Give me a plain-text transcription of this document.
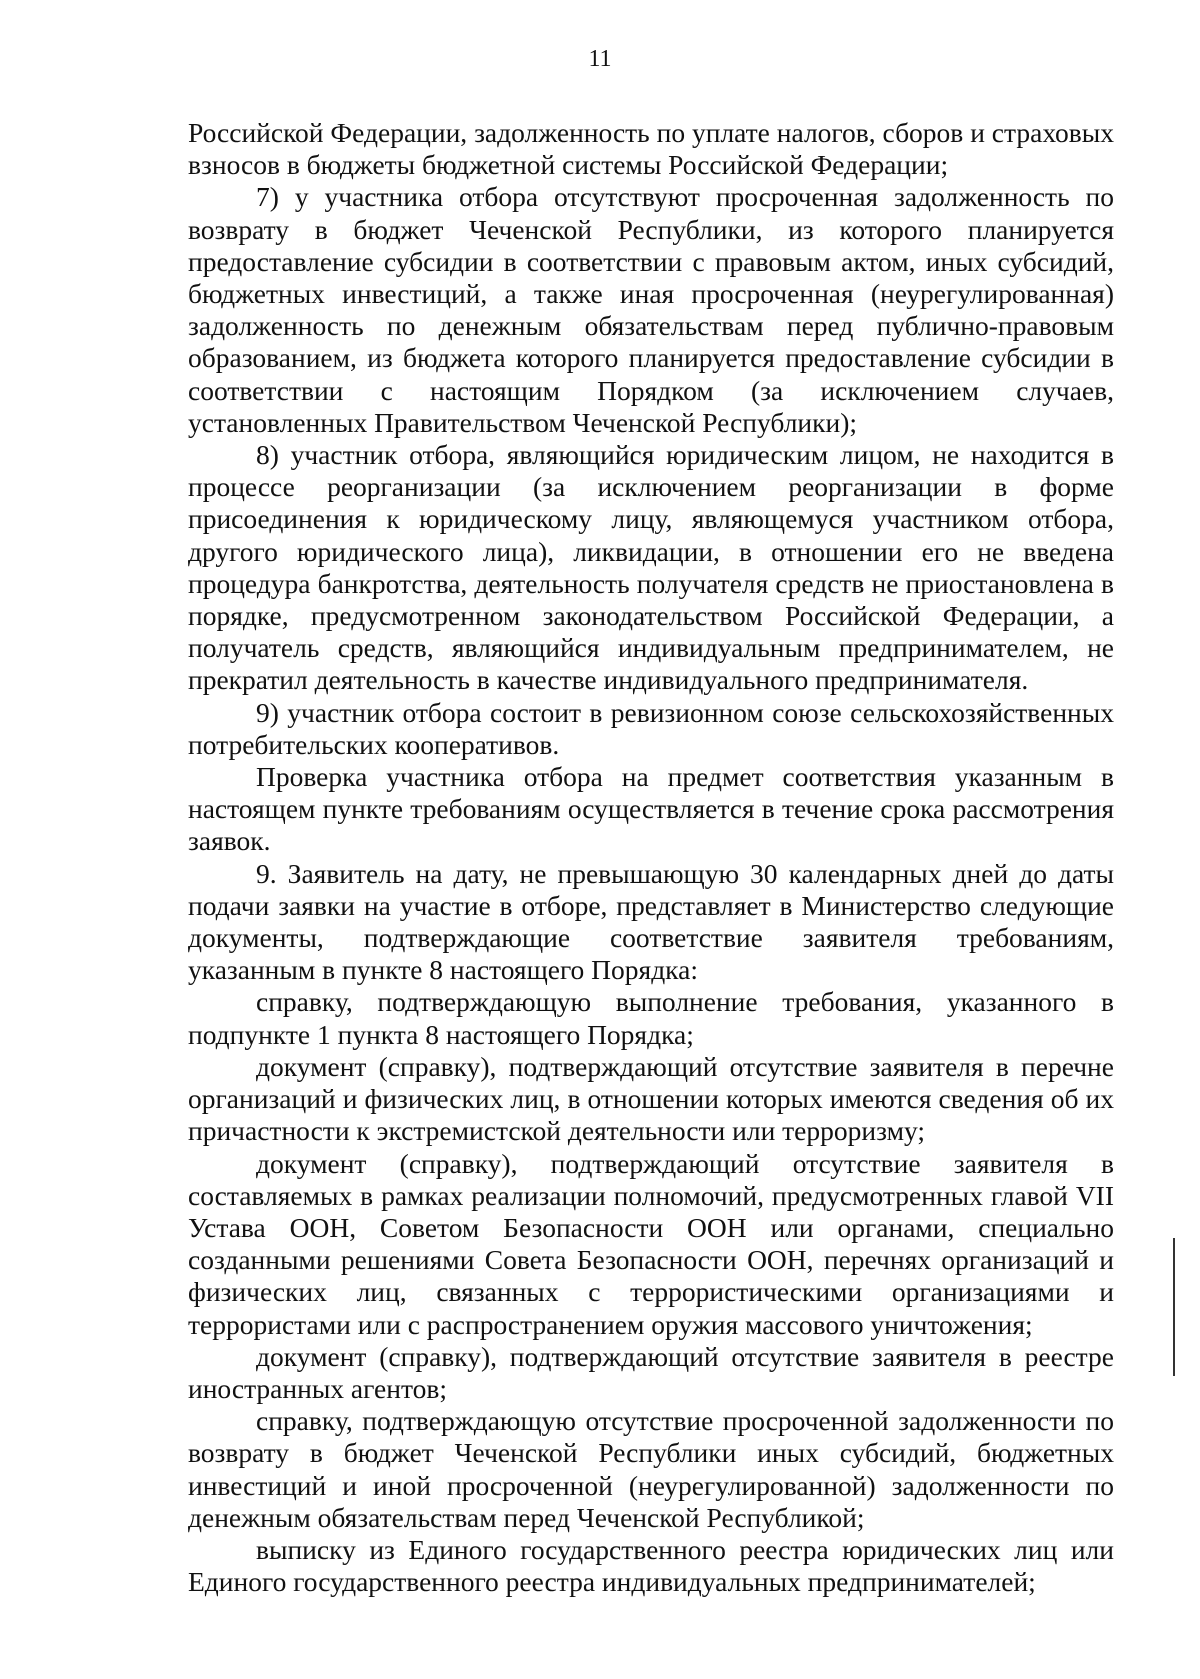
11

Российской Федерации, задолженность по уплате налогов, сборов и страховых взносов в бюджеты бюджетной системы Российской Федерации;

7) у участника отбора отсутствуют просроченная задолженность по возврату в бюджет Чеченской Республики, из которого планируется предоставление субсидии в соответствии с правовым актом, иных субсидий, бюджетных инвестиций, а также иная просроченная (неурегулированная) задолженность по денежным обязательствам перед публично-правовым образованием, из бюджета которого планируется предоставление субсидии в соответствии с настоящим Порядком (за исключением случаев, установленных Правительством Чеченской Республики);

8) участник отбора, являющийся юридическим лицом, не находится в процессе реорганизации (за исключением реорганизации в форме присоединения к юридическому лицу, являющемуся участником отбора, другого юридического лица), ликвидации, в отношении его не введена процедура банкротства, деятельность получателя средств не приостановлена в порядке, предусмотренном законодательством Российской Федерации, а получатель средств, являющийся индивидуальным предпринимателем, не прекратил деятельность в качестве индивидуального предпринимателя.

9) участник отбора состоит в ревизионном союзе сельскохозяйственных потребительских кооперативов.

Проверка участника отбора на предмет соответствия указанным в настоящем пункте требованиям осуществляется в течение срока рассмотрения заявок.

9. Заявитель на дату, не превышающую 30 календарных дней до даты подачи заявки на участие в отборе, представляет в Министерство следующие документы, подтверждающие соответствие заявителя требованиям, указанным в пункте 8 настоящего Порядка:

справку, подтверждающую выполнение требования, указанного в подпункте 1 пункта 8 настоящего Порядка;

документ (справку), подтверждающий отсутствие заявителя в перечне организаций и физических лиц, в отношении которых имеются сведения об их причастности к экстремистской деятельности или терроризму;

документ (справку), подтверждающий отсутствие заявителя в составляемых в рамках реализации полномочий, предусмотренных главой VII Устава ООН, Советом Безопасности ООН или органами, специально созданными решениями Совета Безопасности ООН, перечнях организаций и физических лиц, связанных с террористическими организациями и террористами или с распространением оружия массового уничтожения;

документ (справку), подтверждающий отсутствие заявителя в реестре иностранных агентов;

справку, подтверждающую отсутствие просроченной задолженности по возврату в бюджет Чеченской Республики иных субсидий, бюджетных инвестиций и иной просроченной (неурегулированной) задолженности по денежным обязательствам перед Чеченской Республикой;

выписку из Единого государственного реестра юридических лиц или Единого государственного реестра индивидуальных предпринимателей;
